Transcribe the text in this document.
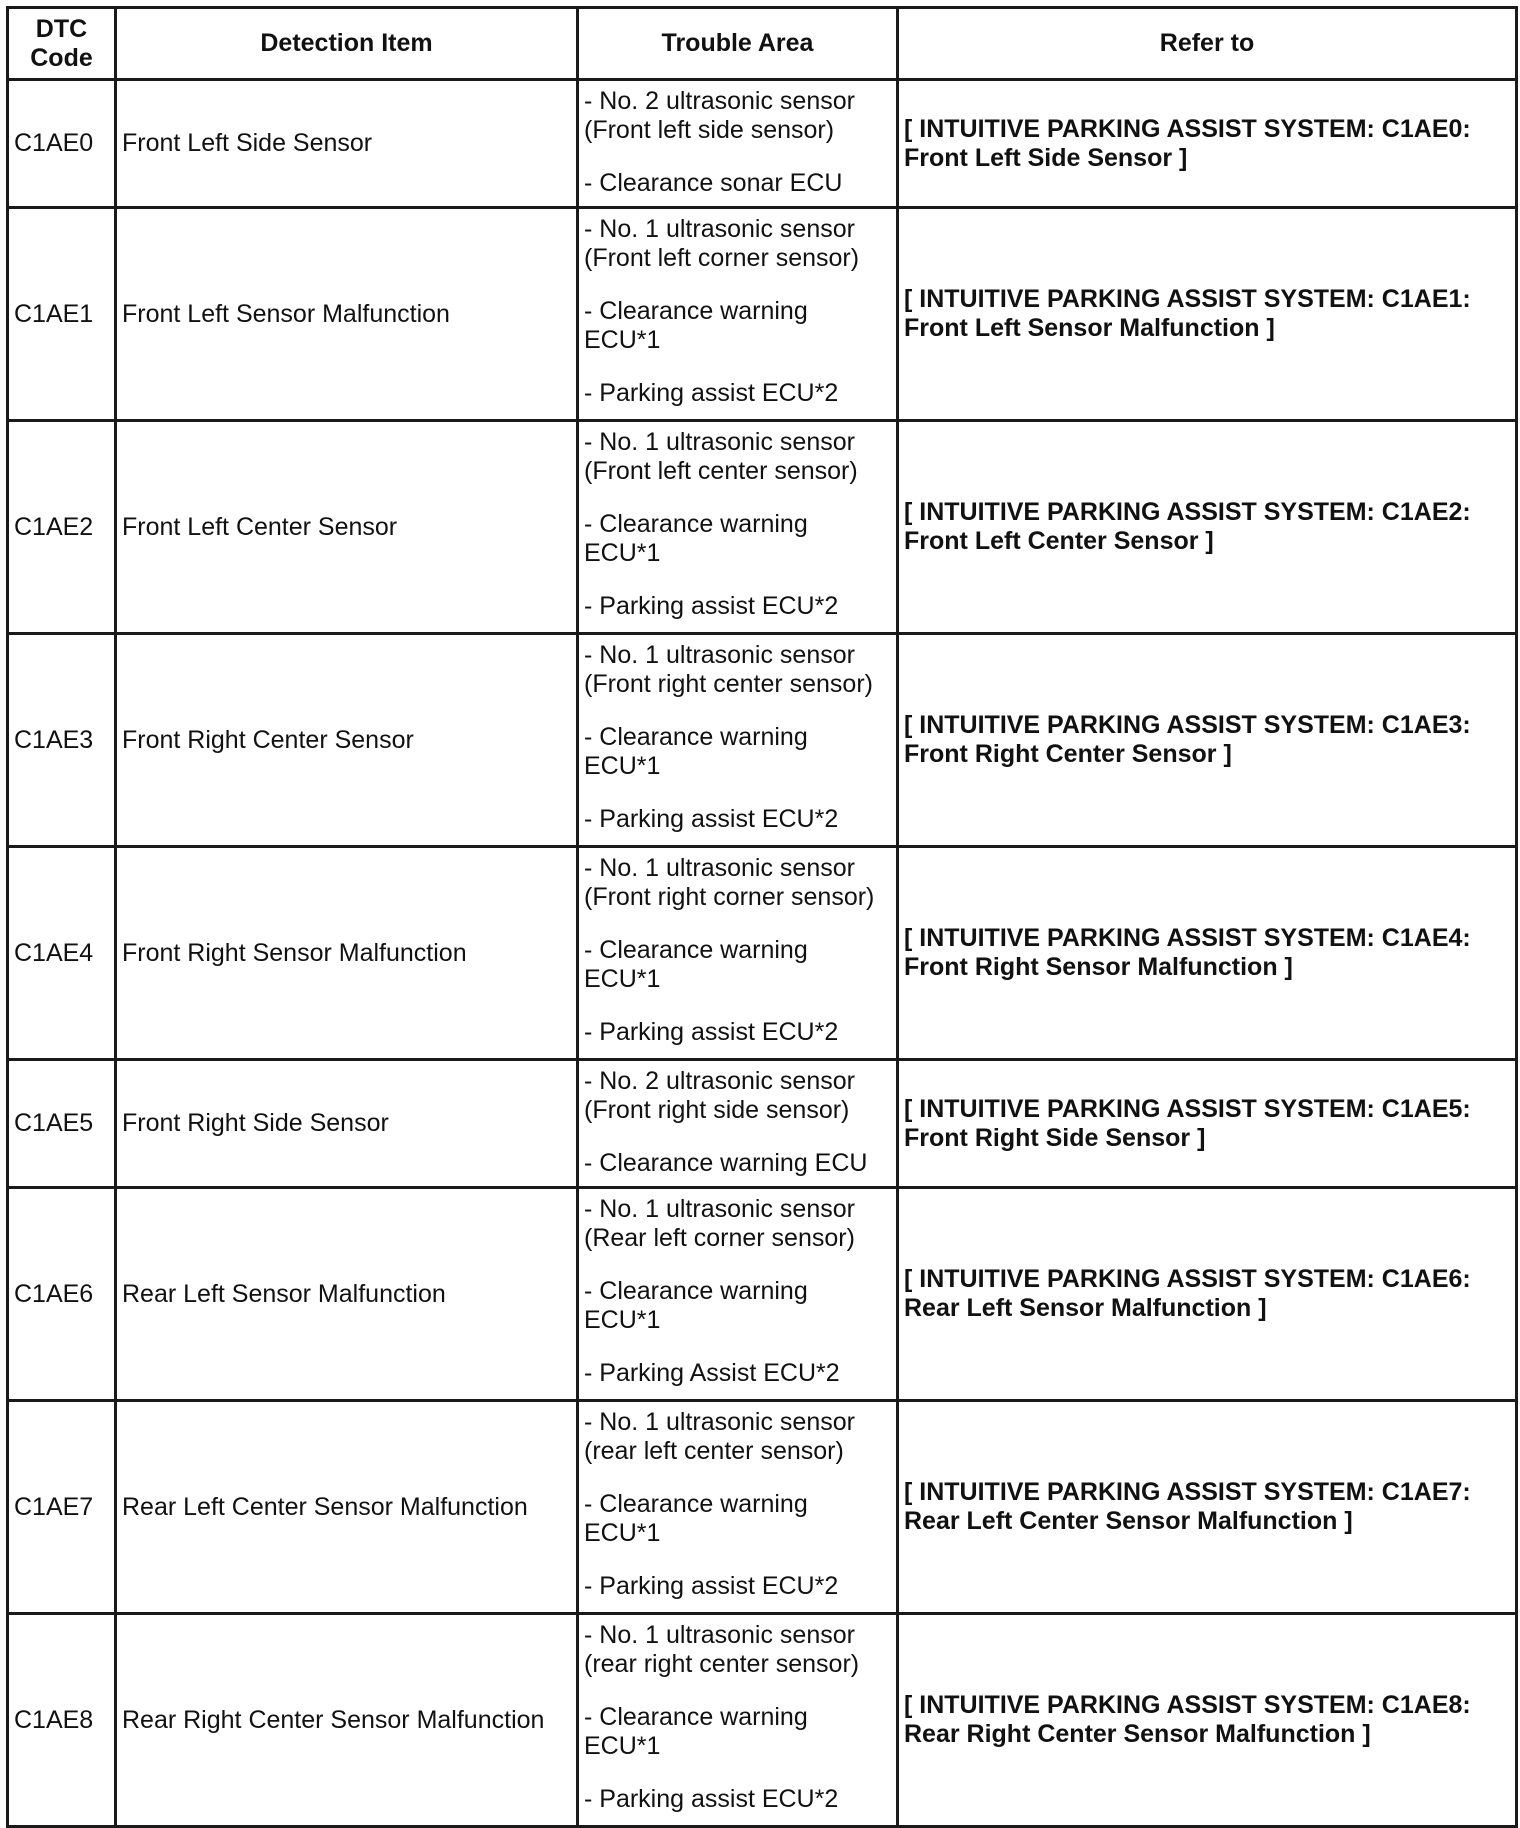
DTC
Code	Detection Item	Trouble Area	Refer to
C1AE0	Front Left Side Sensor	- No. 2 ultrasonic sensor
(Front left side sensor)
- Clearance sonar ECU	[ INTUITIVE PARKING ASSIST SYSTEM: C1AE0:
Front Left Side Sensor ]

C1AE1	Front Left Sensor Malfunction	- No. 1 ultrasonic sensor
(Front left corner sensor)
- Clearance warning
ECU*1
- Parking assist ECU*2	[ INTUITIVE PARKING ASSIST SYSTEM: C1AE1:
Front Left Sensor Malfunction ]

C1AE2	Front Left Center Sensor	- No. 1 ultrasonic sensor
(Front left center sensor)
- Clearance warning
ECU*1
- Parking assist ECU*2	[ INTUITIVE PARKING ASSIST SYSTEM: C1AE2:
Front Left Center Sensor ]

C1AE3	Front Right Center Sensor	- No. 1 ultrasonic sensor
(Front right center sensor)
- Clearance warning
ECU*1
- Parking assist ECU*2	[ INTUITIVE PARKING ASSIST SYSTEM: C1AE3:
Front Right Center Sensor ]

C1AE4	Front Right Sensor Malfunction	- No. 1 ultrasonic sensor
(Front right corner sensor)
- Clearance warning
ECU*1
- Parking assist ECU*2	[ INTUITIVE PARKING ASSIST SYSTEM: C1AE4:
Front Right Sensor Malfunction ]

C1AE5	Front Right Side Sensor	- No. 2 ultrasonic sensor
(Front right side sensor)
- Clearance warning ECU	[ INTUITIVE PARKING ASSIST SYSTEM: C1AE5:
Front Right Side Sensor ]

C1AE6	Rear Left Sensor Malfunction	- No. 1 ultrasonic sensor
(Rear left corner sensor)
- Clearance warning
ECU*1
- Parking Assist ECU*2	[ INTUITIVE PARKING ASSIST SYSTEM: C1AE6:
Rear Left Sensor Malfunction ]

C1AE7	Rear Left Center Sensor Malfunction	- No. 1 ultrasonic sensor
(rear left center sensor)
- Clearance warning
ECU*1
- Parking assist ECU*2	[ INTUITIVE PARKING ASSIST SYSTEM: C1AE7:
Rear Left Center Sensor Malfunction ]

C1AE8	Rear Right Center Sensor Malfunction	- No. 1 ultrasonic sensor
(rear right center sensor)
- Clearance warning
ECU*1
- Parking assist ECU*2	[ INTUITIVE PARKING ASSIST SYSTEM: C1AE8:
Rear Right Center Sensor Malfunction ]
